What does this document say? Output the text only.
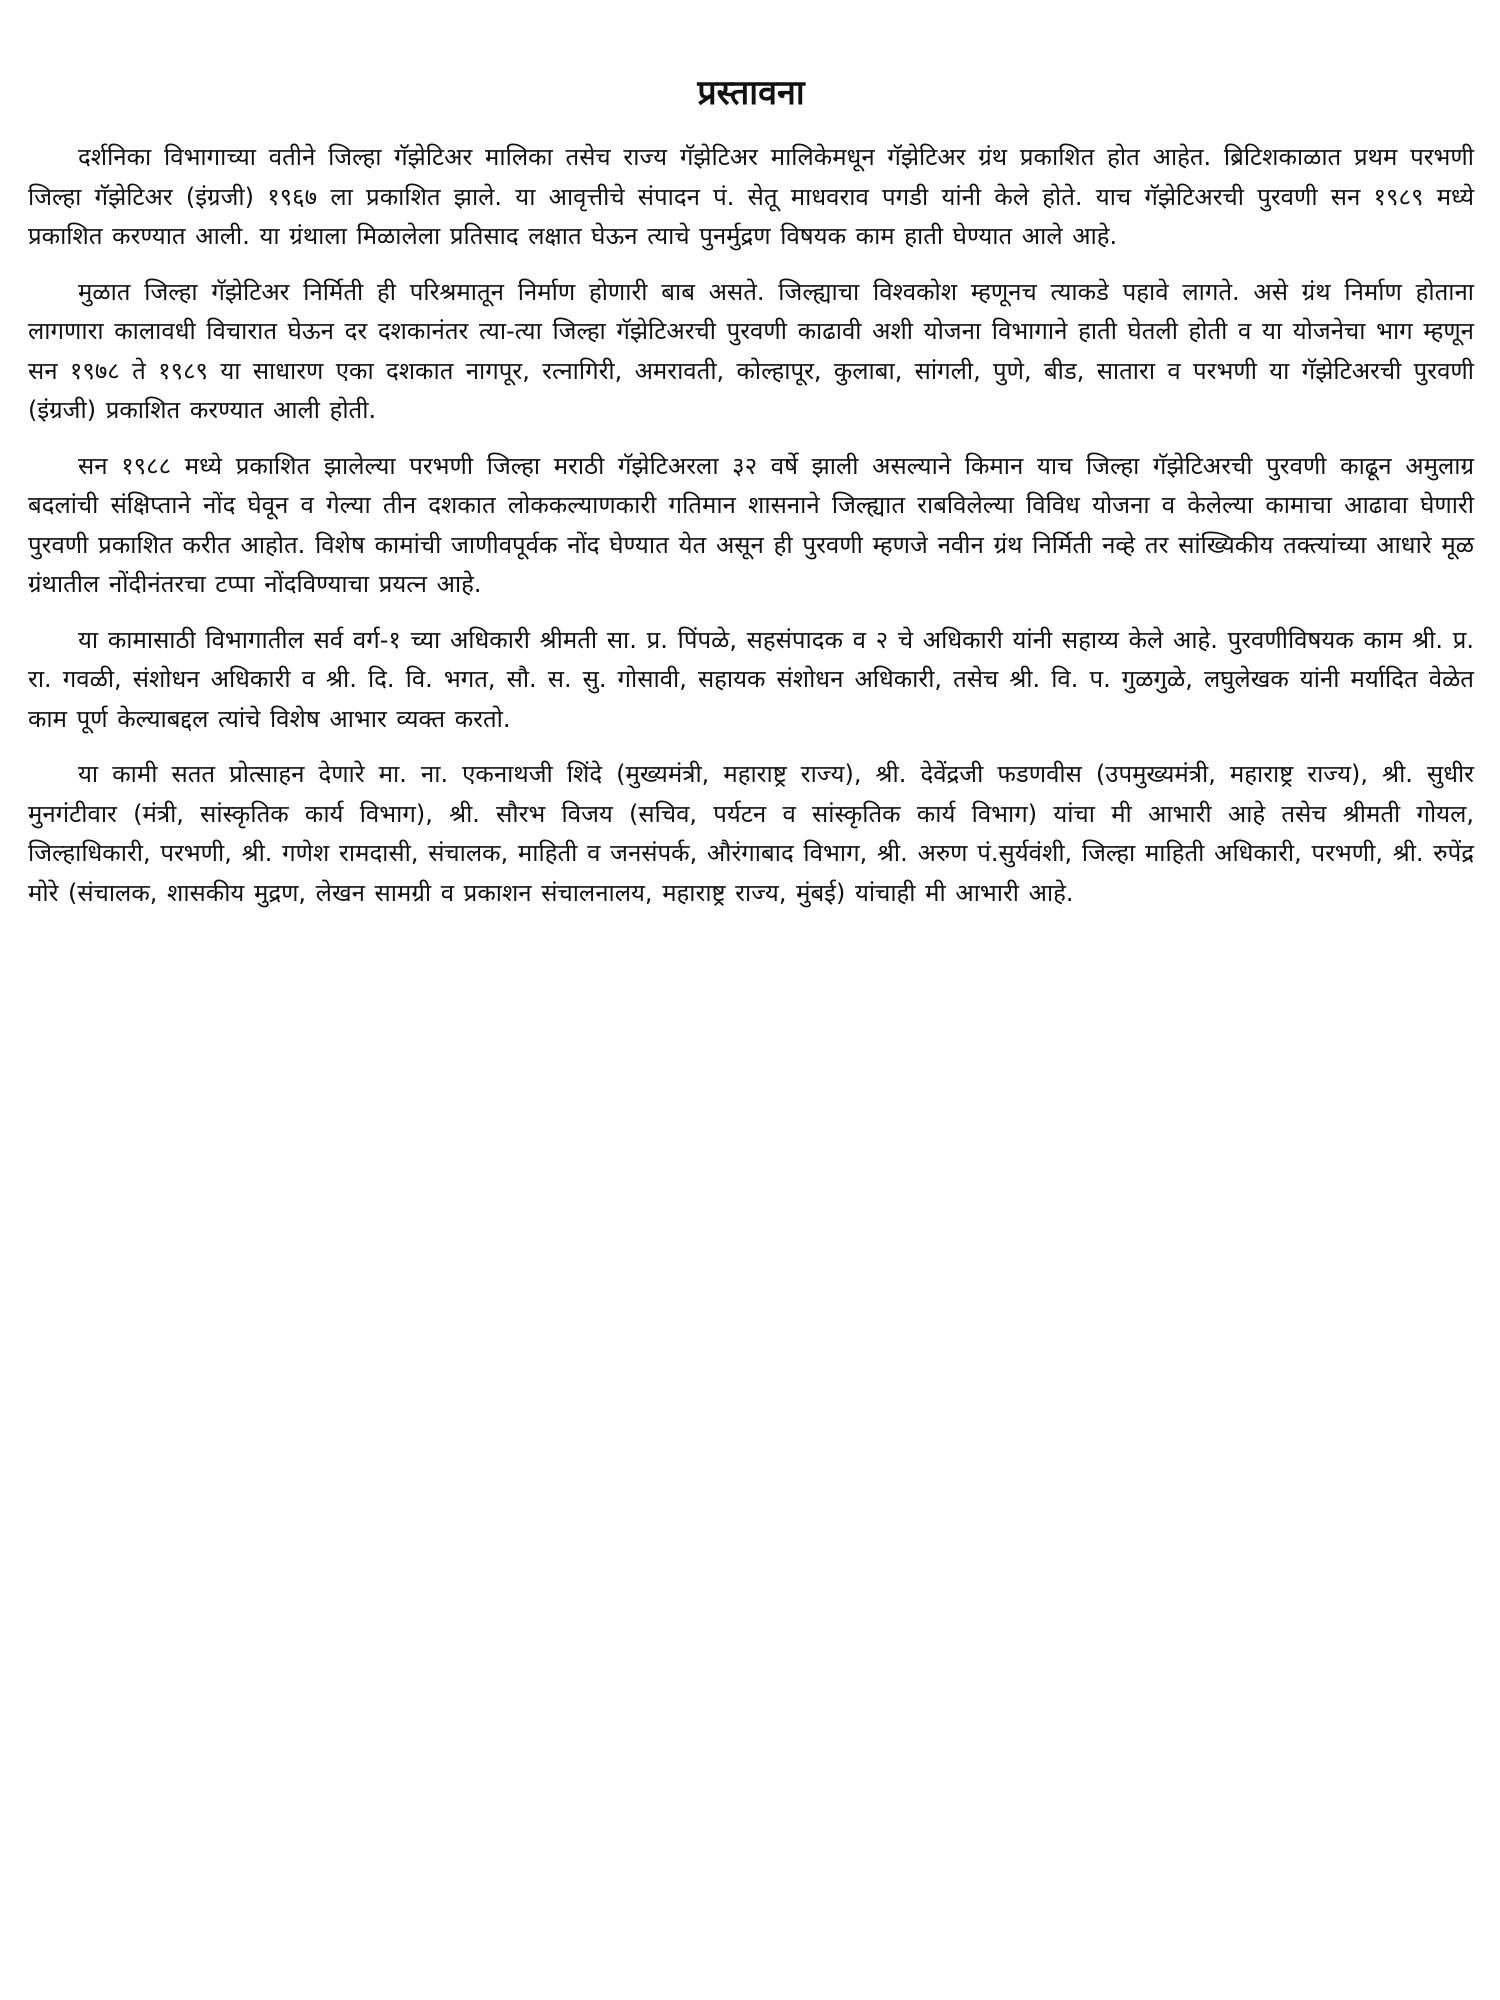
प्रस्तावना

दर्शनिका विभागाच्या वतीने जिल्हा गॅझेटिअर मालिका तसेच राज्य गॅझेटिअर मालिकेमधून गॅझेटिअर ग्रंथ प्रकाशित होत आहेत. ब्रिटिशकाळात प्रथम परभणी जिल्हा गॅझेटिअर (इंग्रजी) १९६७ ला प्रकाशित झाले. या आवृत्तीचे संपादन पं. सेतू माधवराव पगडी यांनी केले होते. याच गॅझेटिअरची पुरवणी सन १९८९ मध्ये प्रकाशित करण्यात आली. या ग्रंथाला मिळालेला प्रतिसाद लक्षात घेऊन त्याचे पुनर्मुद्रण विषयक काम हाती घेण्यात आले आहे.

मुळात जिल्हा गॅझेटिअर निर्मिती ही परिश्रमातून निर्माण होणारी बाब असते. जिल्ह्याचा विश्वकोश म्हणूनच त्याकडे पहावे लागते. असे ग्रंथ निर्माण होताना लागणारा कालावधी विचारात घेऊन दर दशकानंतर त्या-त्या जिल्हा गॅझेटिअरची पुरवणी काढावी अशी योजना विभागाने हाती घेतली होती व या योजनेचा भाग म्हणून सन १९७८ ते १९८९ या साधारण एका दशकात नागपूर, रत्नागिरी, अमरावती, कोल्हापूर, कुलाबा, सांगली, पुणे, बीड, सातारा व परभणी या गॅझेटिअरची पुरवणी (इंग्रजी) प्रकाशित करण्यात आली होती.

सन १९८८ मध्ये प्रकाशित झालेल्या परभणी जिल्हा मराठी गॅझेटिअरला ३२ वर्षे झाली असल्याने किमान याच जिल्हा गॅझेटिअरची पुरवणी काढून अमुलाग्र बदलांची संक्षिप्ताने नोंद घेवून व गेल्या तीन दशकात लोककल्याणकारी गतिमान शासनाने जिल्ह्यात राबविलेल्या विविध योजना व केलेल्या कामाचा आढावा घेणारी पुरवणी प्रकाशित करीत आहोत. विशेष कामांची जाणीवपूर्वक नोंद घेण्यात येत असून ही पुरवणी म्हणजे नवीन ग्रंथ निर्मिती नव्हे तर सांख्यिकीय तक्त्यांच्या आधारे मूळ ग्रंथातील नोंदीनंतरचा टप्पा नोंदविण्याचा प्रयत्न आहे.

या कामासाठी विभागातील सर्व वर्ग-१ च्या अधिकारी श्रीमती सा. प्र. पिंपळे, सहसंपादक व २ चे अधिकारी यांनी सहाय्य केले आहे. पुरवणीविषयक काम श्री. प्र. रा. गवळी, संशोधन अधिकारी व श्री. दि. वि. भगत, सौ. स. सु. गोसावी, सहायक संशोधन अधिकारी, तसेच श्री. वि. प. गुळगुळे, लघुलेखक यांनी मर्यादित वेळेत काम पूर्ण केल्याबद्दल त्यांचे विशेष आभार व्यक्त करतो.

या कामी सतत प्रोत्साहन देणारे मा. ना. एकनाथजी शिंदे (मुख्यमंत्री, महाराष्ट्र राज्य), श्री. देवेंद्रजी फडणवीस (उपमुख्यमंत्री, महाराष्ट्र राज्य), श्री. सुधीर मुनगंटीवार (मंत्री, सांस्कृतिक कार्य विभाग), श्री. सौरभ विजय (सचिव, पर्यटन व सांस्कृतिक कार्य विभाग) यांचा मी आभारी आहे तसेच श्रीमती गोयल, जिल्हाधिकारी, परभणी, श्री. गणेश रामदासी, संचालक, माहिती व जनसंपर्क, औरंगाबाद विभाग, श्री. अरुण पं.सुर्यवंशी, जिल्हा माहिती अधिकारी, परभणी, श्री. रुपेंद्र मोरे (संचालक, शासकीय मुद्रण, लेखन सामग्री व प्रकाशन संचालनालय, महाराष्ट्र राज्य, मुंबई) यांचाही मी आभारी आहे.
